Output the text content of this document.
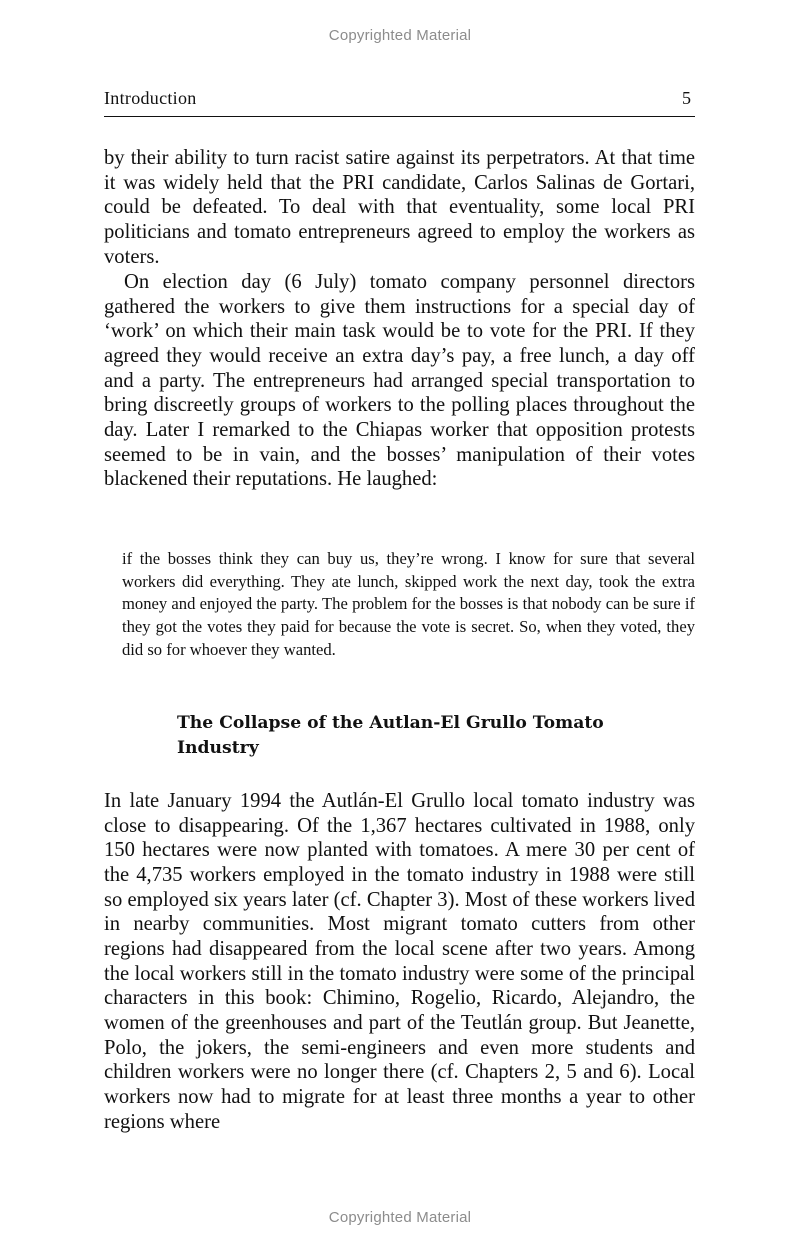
Copyrighted Material
Introduction	5

by their ability to turn racist satire against its perpetrators. At that time it was widely held that the PRI candidate, Carlos Salinas de Gortari, could be defeated. To deal with that eventuality, some local PRI politicians and tomato entrepreneurs agreed to employ the workers as voters.

On election day (6 July) tomato company personnel directors gathered the workers to give them instructions for a special day of ‘work’ on which their main task would be to vote for the PRI. If they agreed they would receive an extra day’s pay, a free lunch, a day off and a party. The entrepreneurs had arranged special transportation to bring discreetly groups of workers to the polling places throughout the day. Later I remarked to the Chiapas worker that opposition protests seemed to be in vain, and the bosses’ manipulation of their votes blackened their reputations. He laughed:

if the bosses think they can buy us, they’re wrong. I know for sure that several workers did everything. They ate lunch, skipped work the next day, took the extra money and enjoyed the party. The problem for the bosses is that nobody can be sure if they got the votes they paid for because the vote is secret. So, when they voted, they did so for whoever they wanted.

The Collapse of the Autlan-El Grullo Tomato Industry

In late January 1994 the Autlán-El Grullo local tomato industry was close to disappearing. Of the 1,367 hectares cultivated in 1988, only 150 hectares were now planted with tomatoes. A mere 30 per cent of the 4,735 workers employed in the tomato industry in 1988 were still so employed six years later (cf. Chapter 3). Most of these workers lived in nearby communities. Most migrant tomato cutters from other regions had disappeared from the local scene after two years. Among the local workers still in the tomato industry were some of the principal characters in this book: Chimino, Rogelio, Ricardo, Alejandro, the women of the greenhouses and part of the Teutlán group. But Jeanette, Polo, the jokers, the semi-engineers and even more students and children workers were no longer there (cf. Chapters 2, 5 and 6). Local workers now had to migrate for at least three months a year to other regions where

Copyrighted Material
